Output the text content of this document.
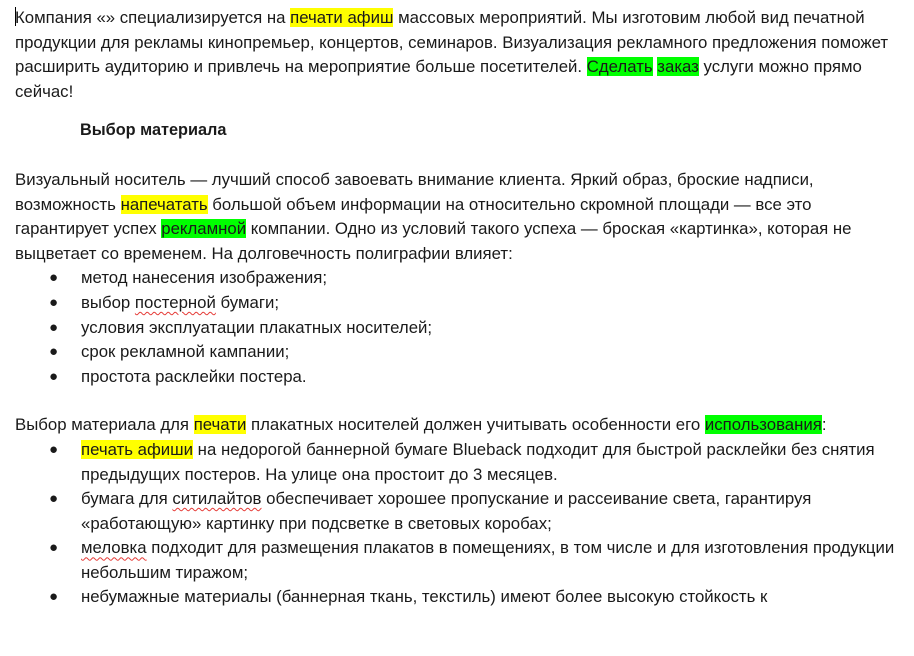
Компания «» специализируется на печати афиш массовых мероприятий. Мы изготовим любой вид печатной продукции для рекламы кинопремьер, концертов, семинаров. Визуализация рекламного предложения поможет расширить аудиторию и привлечь на мероприятие больше посетителей. Сделать заказ услуги можно прямо сейчас!

Выбор материала

Визуальный носитель — лучший способ завоевать внимание клиента. Яркий образ, броские надписи, возможность напечатать большой объем информации на относительно скромной площади — все это гарантирует успех рекламной компании. Одно из условий такого успеха — броская «картинка», которая не выцветает со временем. На долговечность полиграфии влияет:

● метод нанесения изображения;
● выбор постерной бумаги;
● условия эксплуатации плакатных носителей;
● срок рекламной кампании;
● простота расклейки постера.

Выбор материала для печати плакатных носителей должен учитывать особенности его использования:

● печать афиши на недорогой баннерной бумаге Blueback подходит для быстрой расклейки без снятия предыдущих постеров. На улице она простоит до 3 месяцев.
● бумага для ситилайтов обеспечивает хорошее пропускание и рассеивание света, гарантируя «работающую» картинку при подсветке в световых коробах;
● меловка подходит для размещения плакатов в помещениях, в том числе и для изготовления продукции небольшим тиражом;
● небумажные материалы (баннерная ткань, текстиль) имеют более высокую стойкость к
